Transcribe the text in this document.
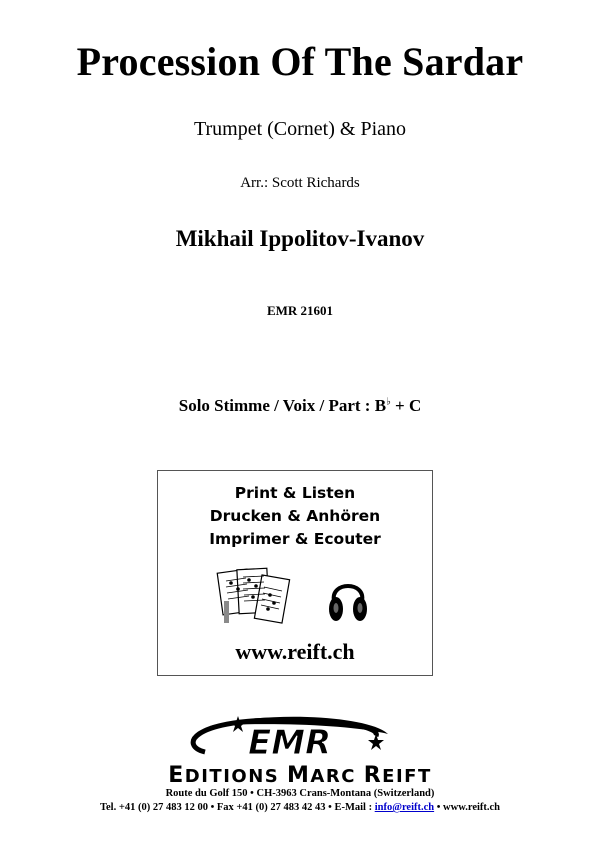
Procession Of The Sardar
Trumpet (Cornet) & Piano
Arr.: Scott Richards
Mikhail Ippolitov-Ivanov
EMR 21601
Solo Stimme / Voix / Part : B♭ + C
Print & Listen
Drucken & Anhören
Imprimer & Ecouter
www.reift.ch
EMR
EDITIONS MARC REIFT
Route du Golf 150 • CH-3963 Crans-Montana (Switzerland)
Tel. +41 (0) 27 483 12 00 • Fax +41 (0) 27 483 42 43 • E-Mail : info@reift.ch • www.reift.ch
